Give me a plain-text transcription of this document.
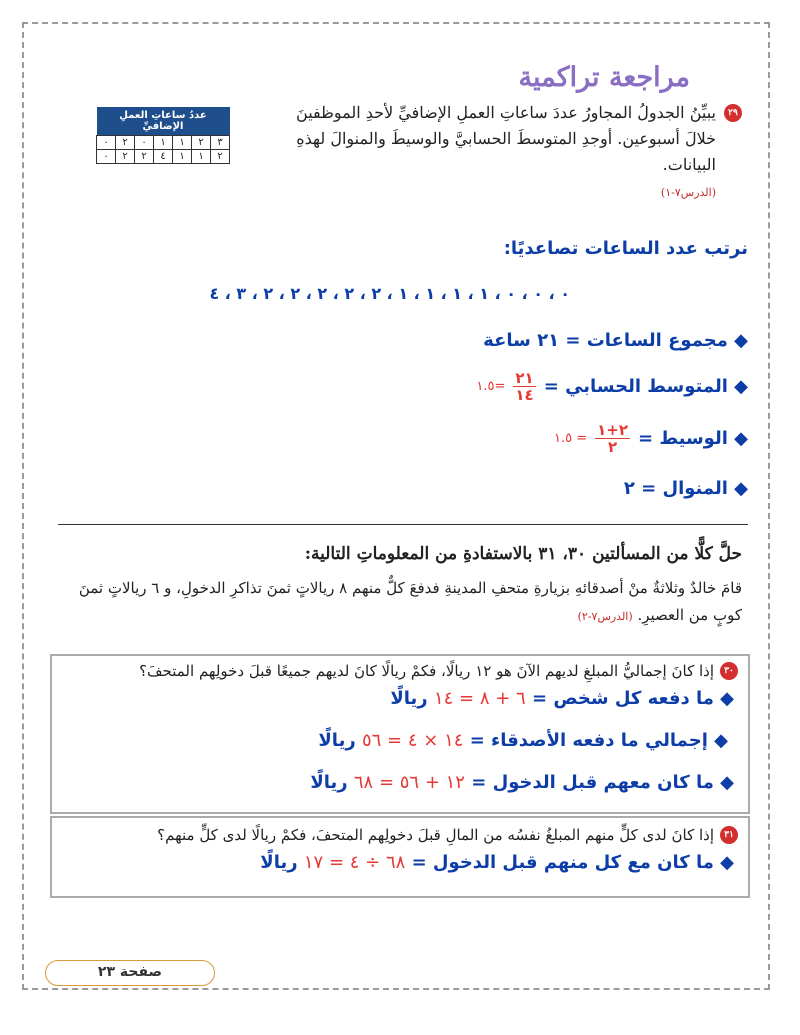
مراجعة تراكمية
٢٩
يبيِّنُ الجدولُ المجاورُ عددَ ساعاتِ العملِ الإضافيِّ لأحدِ الموظفينَ خلالَ أسبوعين. أوجدِ المتوسطَ الحسابيَّ والوسيطَ والمنوالَ لهذهِ البيانات.
(الدرس٧-١)
عددُ ساعاتِ العملِ الإضافيِّ						
٣	٢	١	١	٠	٢	٠
٢	١	١	٤	٢	٢	٠
نرتب عدد الساعات تصاعديًا:
٠ ، ٠ ، ٠ ، ١ ، ١ ، ١ ، ١ ، ٢ ، ٢ ، ٢ ، ٢ ، ٢ ، ٣ ، ٤
◆ مجموع الساعات = ٢١ ساعة
◆ المتوسط الحسابي =
$\frac{٢١}{١٤}$
=١.٥
◆ الوسيط =
$\frac{٢+١}{٢}$
= ١.٥
◆ المنوال = ٢
حلَّ كلًّا من المسألتين ٣٠، ٣١ بالاستفادةِ من المعلوماتِ التالية:
قامَ خالدٌ وثلاثةٌ منْ أصدقائهِ بزيارةِ متحفِ المدينةِ فدفعَ كلٌّ منهم ٨ ريالاتٍ ثمنَ تذاكرِ الدخولِ، و ٦ ريالاتٍ ثمنَ كوبٍ من العصيرِ. (الدرس٧-٢)
٣٠
إذا كانَ إجماليُّ المبلغِ لديهم الآنَ هو ١٢ ريالًا، فكمْ ريالًا كانَ لديهم جميعًا قبلَ دخولِهم المتحفَ؟
◆ ما دفعه كل شخص = ٦ + ٨ = ١٤ ريالًا
◆ إجمالي ما دفعه الأصدقاء = ١٤ × ٤ = ٥٦ ريالًا
◆ ما كان معهم قبل الدخول = ١٢ + ٥٦ = ٦٨ ريالًا
٣١
إذا كانَ لدى كلٍّ منهم المبلغُ نفسُه من المالِ قبلَ دخولِهم المتحفَ، فكمْ ريالًا لدى كلٍّ منهم؟
◆ ما كان مع كل منهم قبل الدخول = ٦٨ ÷ ٤ = ١٧ ريالًا
صفحة ٢٣
